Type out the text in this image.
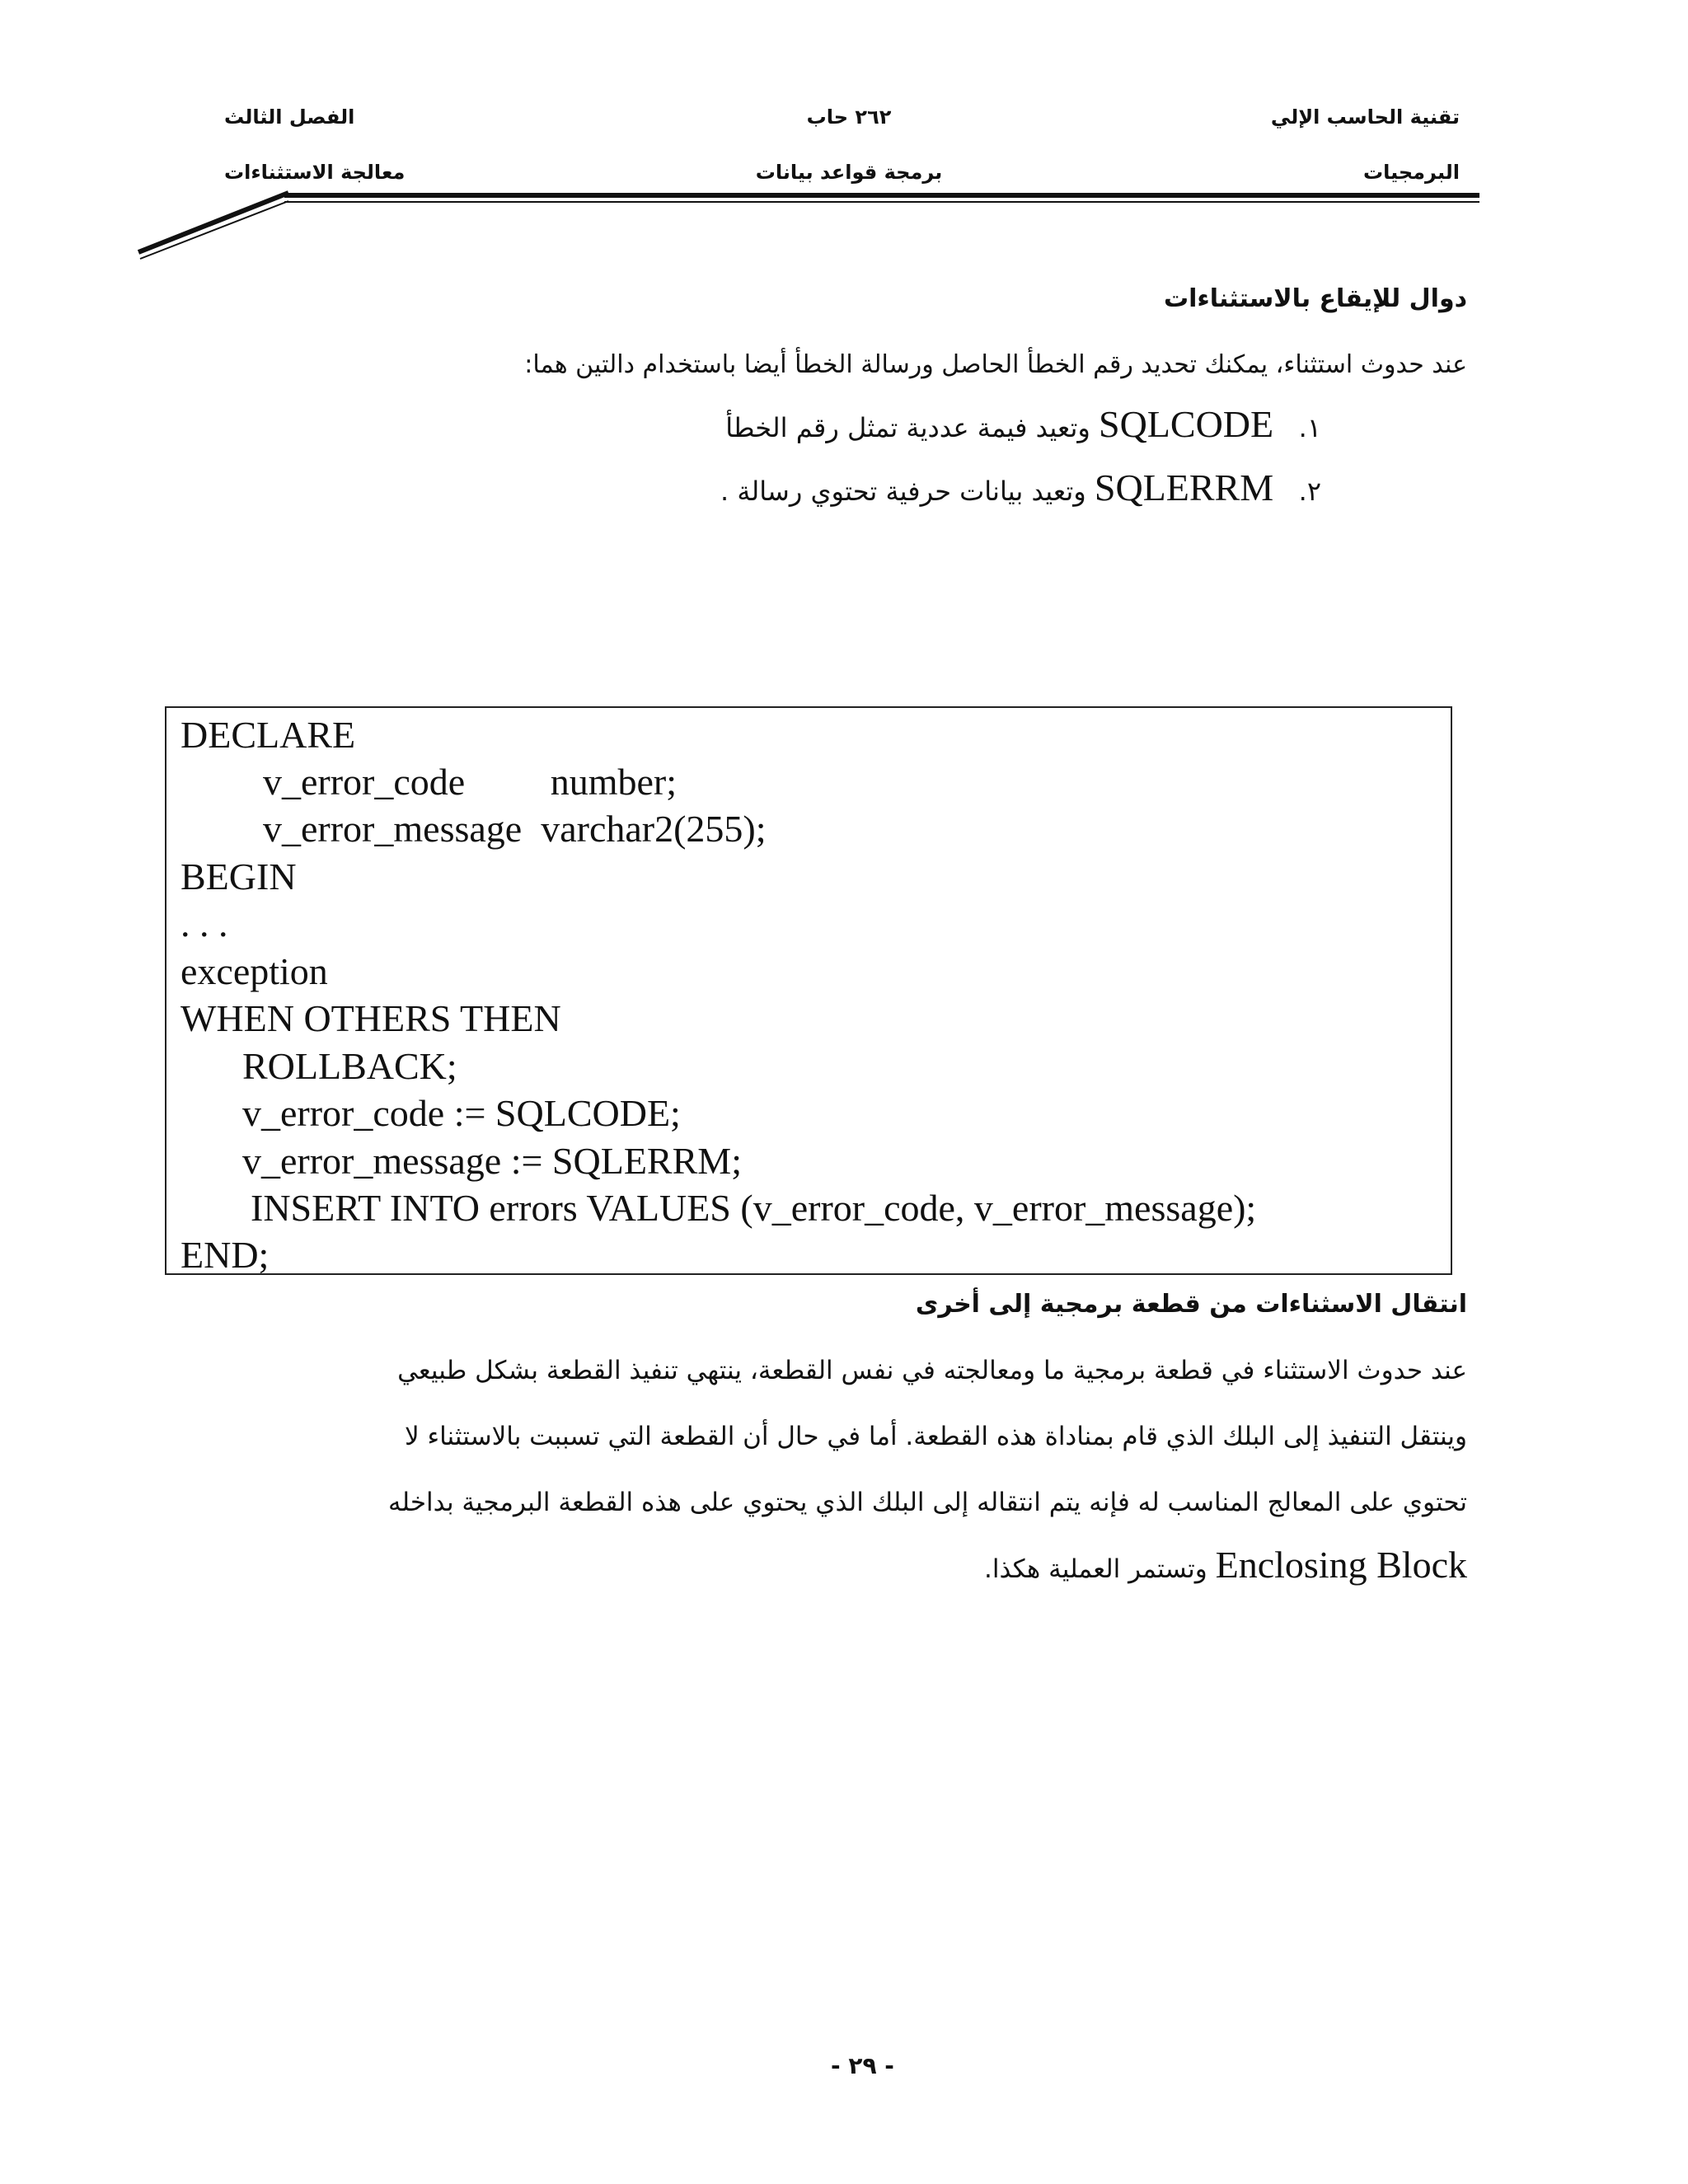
تقنية الحاسب الإلي
البرمجيات
٢٦٢ حاب
برمجة قواعد بيانات
الفصل الثالث
معالجة الاستثناءات
دوال للإيقاع بالاستثناءات
عند حدوث استثناء، يمكنك تحديد رقم الخطأ الحاصل ورسالة الخطأ أيضا باستخدام دالتين هما:
١.   SQLCODE وتعيد فيمة عددية تمثل رقم الخطأ
٢.   SQLERRM وتعيد بيانات حرفية تحتوي رسالة .
DECLARE
v_error_code         number;
v_error_message  varchar2(255);
BEGIN
. . .
exception
WHEN OTHERS THEN
ROLLBACK;
v_error_code := SQLCODE;
v_error_message := SQLERRM;
INSERT INTO errors VALUES (v_error_code, v_error_message);
END;
انتقال الاسثناءات من قطعة برمجية إلى أخرى
عند حدوث الاستثناء في قطعة برمجية ما ومعالجته في نفس القطعة، ينتهي تنفيذ القطعة بشكل طبيعي
وينتقل التنفيذ إلى البلك الذي قام بمناداة هذه القطعة. أما في حال أن القطعة التي تسببت بالاستثناء لا
تحتوي على المعالج المناسب له فإنه يتم انتقاله إلى البلك الذي يحتوي على هذه القطعة البرمجية بداخله
Enclosing Block وتستمر العملية هكذا.
- ٢٩ -
